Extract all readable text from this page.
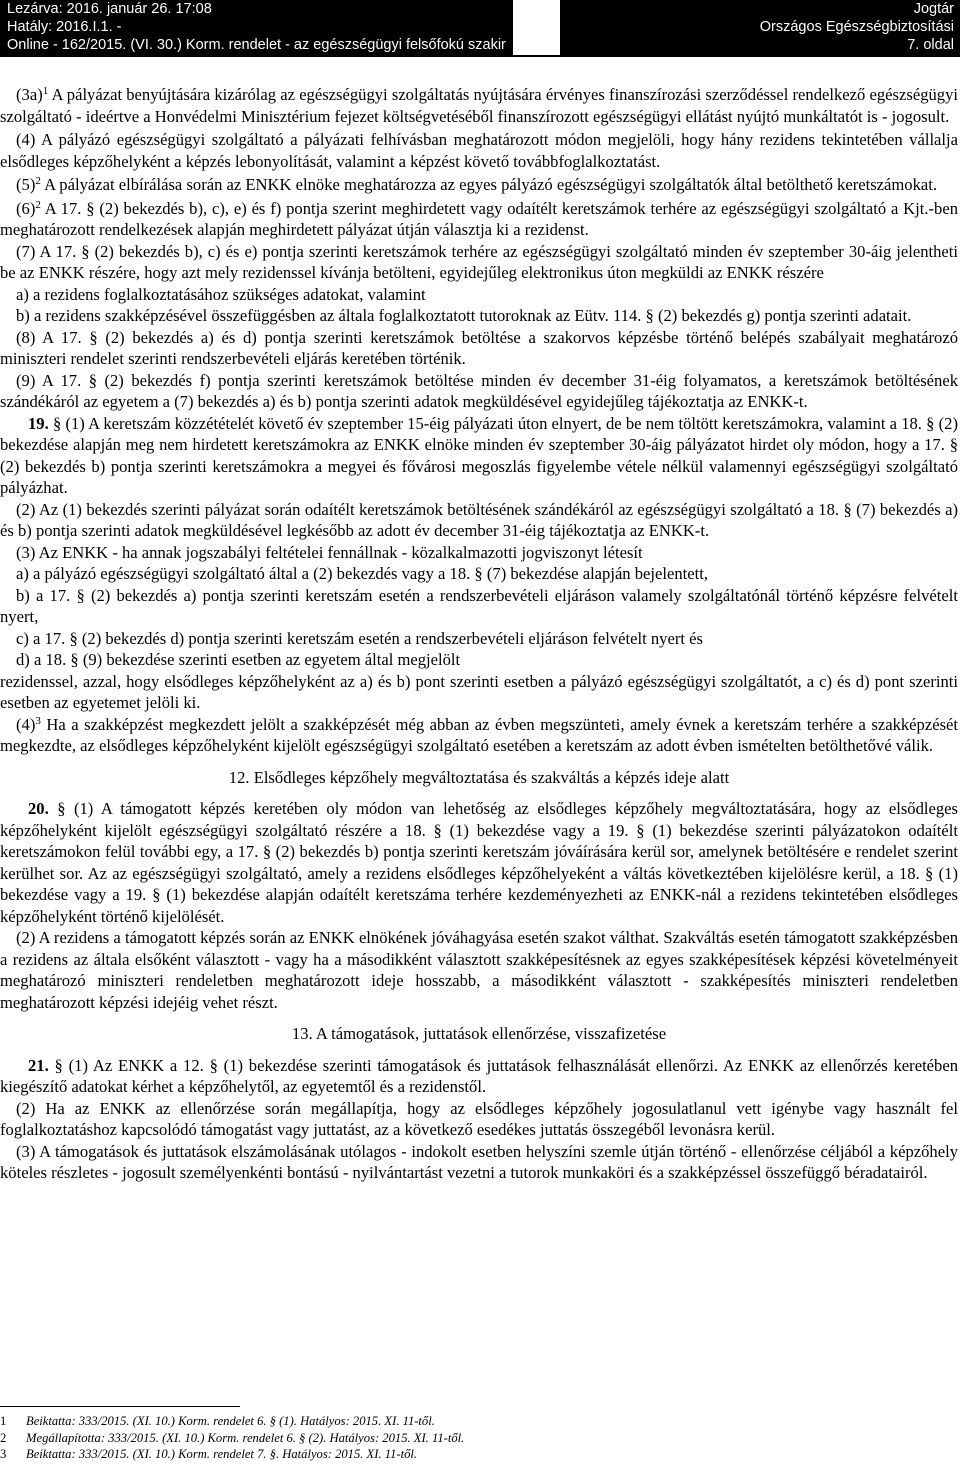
Lezárva: 2016. január 26. 17:08
Hatály: 2016.I.1. -
Online - 162/2015. (VI. 30.) Korm. rendelet - az egészségügyi felsőfokú szakir
Jogtár
Országos Egészségbiztosítási
7. oldal

$(3a)^1$ A pályázat benyújtására kizárólag az egészségügyi szolgáltatás nyújtására érvényes finanszírozási szerződéssel rendelkező egészségügyi szolgáltató - ideértve a Honvédelmi Minisztérium fejezet költségvetéséből finanszírozott egészségügyi ellátást nyújtó munkáltatót is - jogosult.

(4) A pályázó egészségügyi szolgáltató a pályázati felhívásban meghatározott módon megjelöli, hogy hány rezidens tekintetében vállalja elsődleges képzőhelyként a képzés lebonyolítását, valamint a képzést követő továbbfoglalkoztatást.

$(5)^2$ A pályázat elbírálása során az ENKK elnöke meghatározza az egyes pályázó egészségügyi szolgáltatók által betölthető keretszámokat.

$(6)^2$ A 17. § (2) bekezdés b), c), e) és f) pontja szerint meghirdetett vagy odaítélt keretszámok terhére az egészségügyi szolgáltató a Kjt.-ben meghatározott rendelkezések alapján meghirdetett pályázat útján választja ki a rezidenst.

(7) A 17. § (2) bekezdés b), c) és e) pontja szerinti keretszámok terhére az egészségügyi szolgáltató minden év szeptember 30-áig jelentheti be az ENKK részére, hogy azt mely rezidenssel kívánja betölteni, egyidejűleg elektronikus úton megküldi az ENKK részére

a) a rezidens foglalkoztatásához szükséges adatokat, valamint

b) a rezidens szakképzésével összefüggésben az általa foglalkoztatott tutoroknak az Eütv. 114. § (2) bekezdés g) pontja szerinti adatait.

(8) A 17. § (2) bekezdés a) és d) pontja szerinti keretszámok betöltése a szakorvos képzésbe történő belépés szabályait meghatározó miniszteri rendelet szerinti rendszerbevételi eljárás keretében történik.

(9) A 17. § (2) bekezdés f) pontja szerinti keretszámok betöltése minden év december 31-éig folyamatos, a keretszámok betöltésének szándékáról az egyetem a (7) bekezdés a) és b) pontja szerinti adatok megküldésével egyidejűleg tájékoztatja az ENKK-t.

19. § (1) A keretszám közzétételét követő év szeptember 15-éig pályázati úton elnyert, de be nem töltött keretszámokra, valamint a 18. § (2) bekezdése alapján meg nem hirdetett keretszámokra az ENKK elnöke minden év szeptember 30-áig pályázatot hirdet oly módon, hogy a 17. § (2) bekezdés b) pontja szerinti keretszámokra a megyei és fővárosi megoszlás figyelembe vétele nélkül valamennyi egészségügyi szolgáltató pályázhat.

(2) Az (1) bekezdés szerinti pályázat során odaítélt keretszámok betöltésének szándékáról az egészségügyi szolgáltató a 18. § (7) bekezdés a) és b) pontja szerinti adatok megküldésével legkésőbb az adott év december 31-éig tájékoztatja az ENKK-t.

(3) Az ENKK - ha annak jogszabályi feltételei fennállnak - közalkalmazotti jogviszonyt létesít

a) a pályázó egészségügyi szolgáltató által a (2) bekezdés vagy a 18. § (7) bekezdése alapján bejelentett,

b) a 17. § (2) bekezdés a) pontja szerinti keretszám esetén a rendszerbevételi eljáráson valamely szolgáltatónál történő képzésre felvételt nyert,

c) a 17. § (2) bekezdés d) pontja szerinti keretszám esetén a rendszerbevételi eljáráson felvételt nyert és

d) a 18. § (9) bekezdése szerinti esetben az egyetem által megjelölt

rezidenssel, azzal, hogy elsődleges képzőhelyként az a) és b) pont szerinti esetben a pályázó egészségügyi szolgáltatót, a c) és d) pont szerinti esetben az egyetemet jelöli ki.

$(4)^3$ Ha a szakképzést megkezdett jelölt a szakképzését még abban az évben megszünteti, amely évnek a keretszám terhére a szakképzését megkezdte, az elsődleges képzőhelyként kijelölt egészségügyi szolgáltató esetében a keretszám az adott évben ismételten betölthetővé válik.

12. Elsődleges képzőhely megváltoztatása és szakváltás a képzés ideje alatt

20. § (1) A támogatott képzés keretében oly módon van lehetőség az elsődleges képzőhely megváltoztatására, hogy az elsődleges képzőhelyként kijelölt egészségügyi szolgáltató részére a 18. § (1) bekezdése vagy a 19. § (1) bekezdése szerinti pályázatokon odaítélt keretszámokon felül további egy, a 17. § (2) bekezdés b) pontja szerinti keretszám jóváírására kerül sor, amelynek betöltésére e rendelet szerint kerülhet sor. Az az egészségügyi szolgáltató, amely a rezidens elsődleges képzőhelyeként a váltás következtében kijelölésre kerül, a 18. § (1) bekezdése vagy a 19. § (1) bekezdése alapján odaítélt keretszáma terhére kezdeményezheti az ENKK-nál a rezidens tekintetében elsődleges képzőhelyként történő kijelölését.

(2) A rezidens a támogatott képzés során az ENKK elnökének jóváhagyása esetén szakot válthat. Szakváltás esetén támogatott szakképzésben a rezidens az általa elsőként választott - vagy ha a másodikként választott szakképesítésnek az egyes szakképesítések képzési követelményeit meghatározó miniszteri rendeletben meghatározott ideje hosszabb, a másodikként választott - szakképesítés miniszteri rendeletben meghatározott képzési idejéig vehet részt.

13. A támogatások, juttatások ellenőrzése, visszafizetése

21. § (1) Az ENKK a 12. § (1) bekezdése szerinti támogatások és juttatások felhasználását ellenőrzi. Az ENKK az ellenőrzés keretében kiegészítő adatokat kérhet a képzőhelytől, az egyetemtől és a rezidenstől.

(2) Ha az ENKK az ellenőrzése során megállapítja, hogy az elsődleges képzőhely jogosulatlanul vett igénybe vagy használt fel foglalkoztatáshoz kapcsolódó támogatást vagy juttatást, az a következő esedékes juttatás összegéből levonásra kerül.

(3) A támogatások és juttatások elszámolásának utólagos - indokolt esetben helyszíni szemle útján történő - ellenőrzése céljából a képzőhely köteles részletes - jogosult személyenkénti bontású - nyilvántartást vezetni a tutorok munkaköri és a szakképzéssel összefüggő béradatairól.

1 Beiktatta: 333/2015. (XI. 10.) Korm. rendelet 6. § (1). Hatályos: 2015. XI. 11-től.
2 Megállapította: 333/2015. (XI. 10.) Korm. rendelet 6. § (2). Hatályos: 2015. XI. 11-től.
3 Beiktatta: 333/2015. (XI. 10.) Korm. rendelet 7. §. Hatályos: 2015. XI. 11-től.
